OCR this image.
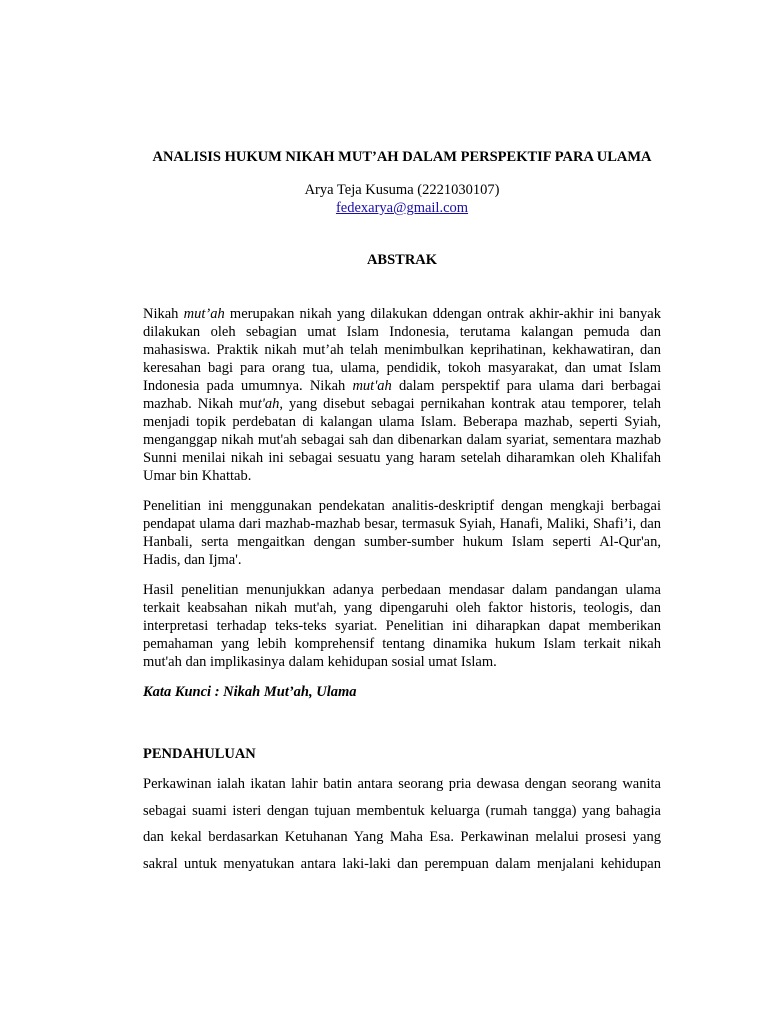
ANALISIS HUKUM NIKAH MUT’AH DALAM PERSPEKTIF PARA ULAMA

Arya Teja Kusuma (2221030107)

fedexarya@gmail.com

ABSTRAK

Nikah mut’ah merupakan nikah yang dilakukan ddengan ontrak akhir-akhir ini banyak dilakukan oleh sebagian umat Islam Indonesia, terutama kalangan pemuda dan mahasiswa. Praktik nikah mut’ah telah menimbulkan keprihatinan, kekhawatiran, dan keresahan bagi para orang tua, ulama, pendidik, tokoh masyarakat, dan umat Islam Indonesia pada umumnya. Nikah mut'ah dalam perspektif para ulama dari berbagai mazhab. Nikah mut'ah, yang disebut sebagai pernikahan kontrak atau temporer, telah menjadi topik perdebatan di kalangan ulama Islam. Beberapa mazhab, seperti Syiah, menganggap nikah mut'ah sebagai sah dan dibenarkan dalam syariat, sementara mazhab Sunni menilai nikah ini sebagai sesuatu yang haram setelah diharamkan oleh Khalifah Umar bin Khattab.

Penelitian ini menggunakan pendekatan analitis-deskriptif dengan mengkaji berbagai pendapat ulama dari mazhab-mazhab besar, termasuk Syiah, Hanafi, Maliki, Shafi’i, dan Hanbali, serta mengaitkan dengan sumber-sumber hukum Islam seperti Al-Qur'an, Hadis, dan Ijma'.

Hasil penelitian menunjukkan adanya perbedaan mendasar dalam pandangan ulama terkait keabsahan nikah mut'ah, yang dipengaruhi oleh faktor historis, teologis, dan interpretasi terhadap teks-teks syariat. Penelitian ini diharapkan dapat memberikan pemahaman yang lebih komprehensif tentang dinamika hukum Islam terkait nikah mut'ah dan implikasinya dalam kehidupan sosial umat Islam.

Kata Kunci : Nikah Mut’ah, Ulama

PENDAHULUAN

Perkawinan ialah ikatan lahir batin antara seorang pria dewasa dengan seorang wanita
sebagai suami isteri dengan tujuan membentuk keluarga (rumah tangga) yang bahagia
dan kekal berdasarkan Ketuhanan Yang Maha Esa. Perkawinan melalui prosesi yang
sakral untuk menyatukan antara laki-laki dan perempuan dalam menjalani kehidupan
